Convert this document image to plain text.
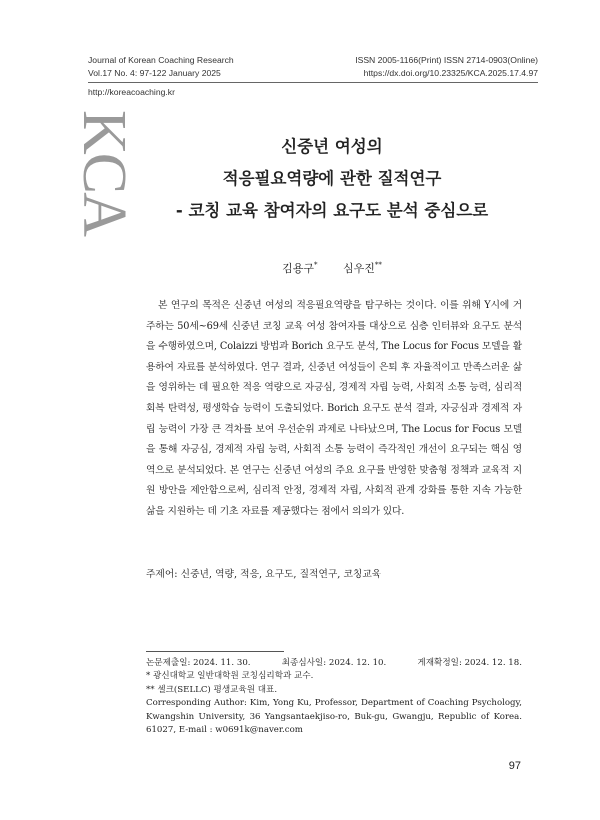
Journal of Korean Coaching Research
Vol.17 No. 4: 97-122 January 2025
ISSN 2005-1166(Print) ISSN 2714-0903(Online)
https://dx.doi.org/10.23325/KCA.2025.17.4.97
http://koreacoaching.kr
KCA	신중년 여성의
적응필요역량에 관한 질적연구
- 코칭 교육 참여자의 요구도 분석 중심으로
김용구* 심우진**
본 연구의 목적은 신중년 여성의 적응필요역량을 탐구하는 것이다. 이를 위해 Y시에 거주하는 50세~69세 신중년 코칭 교육 여성 참여자를 대상으로 심층 인터뷰와 요구도 분석을 수행하였으며, Colaizzi 방법과 Borich 요구도 분석, The Locus for Focus 모델을 활용하여 자료를 분석하였다. 연구 결과, 신중년 여성들이 은퇴 후 자율적이고 만족스러운 삶을 영위하는 데 필요한 적응 역량으로 자긍심, 경제적 자립 능력, 사회적 소통 능력, 심리적 회복 탄력성, 평생학습 능력이 도출되었다. Borich 요구도 분석 결과, 자긍심과 경제적 자립 능력이 가장 큰 격차를 보여 우선순위 과제로 나타났으며, The Locus for Focus 모델을 통해 자긍심, 경제적 자립 능력, 사회적 소통 능력이 즉각적인 개선이 요구되는 핵심 영역으로 분석되었다. 본 연구는 신중년 여성의 주요 요구를 반영한 맞춤형 정책과 교육적 지원 방안을 제안함으로써, 심리적 안정, 경제적 자립, 사회적 관계 강화를 통한 지속 가능한 삶을 지원하는 데 기초 자료를 제공했다는 점에서 의의가 있다.
주제어: 신중년, 역량, 적응, 요구도, 질적연구, 코칭교육
논문제출일: 2024. 11. 30.	최종심사일: 2024. 12. 10.	게재확정일: 2024. 12. 18.
* 광신대학교 일반대학원 코칭심리학과 교수.
** 셀크(SELLC) 평생교육원 대표.
Corresponding Author: Kim, Yong Ku, Professor, Department of Coaching Psychology, Kwangshin University, 36 Yangsantaekjiso-ro, Buk-gu, Gwangju, Republic of Korea. 61027, E-mail : w0691k@naver.com
97
